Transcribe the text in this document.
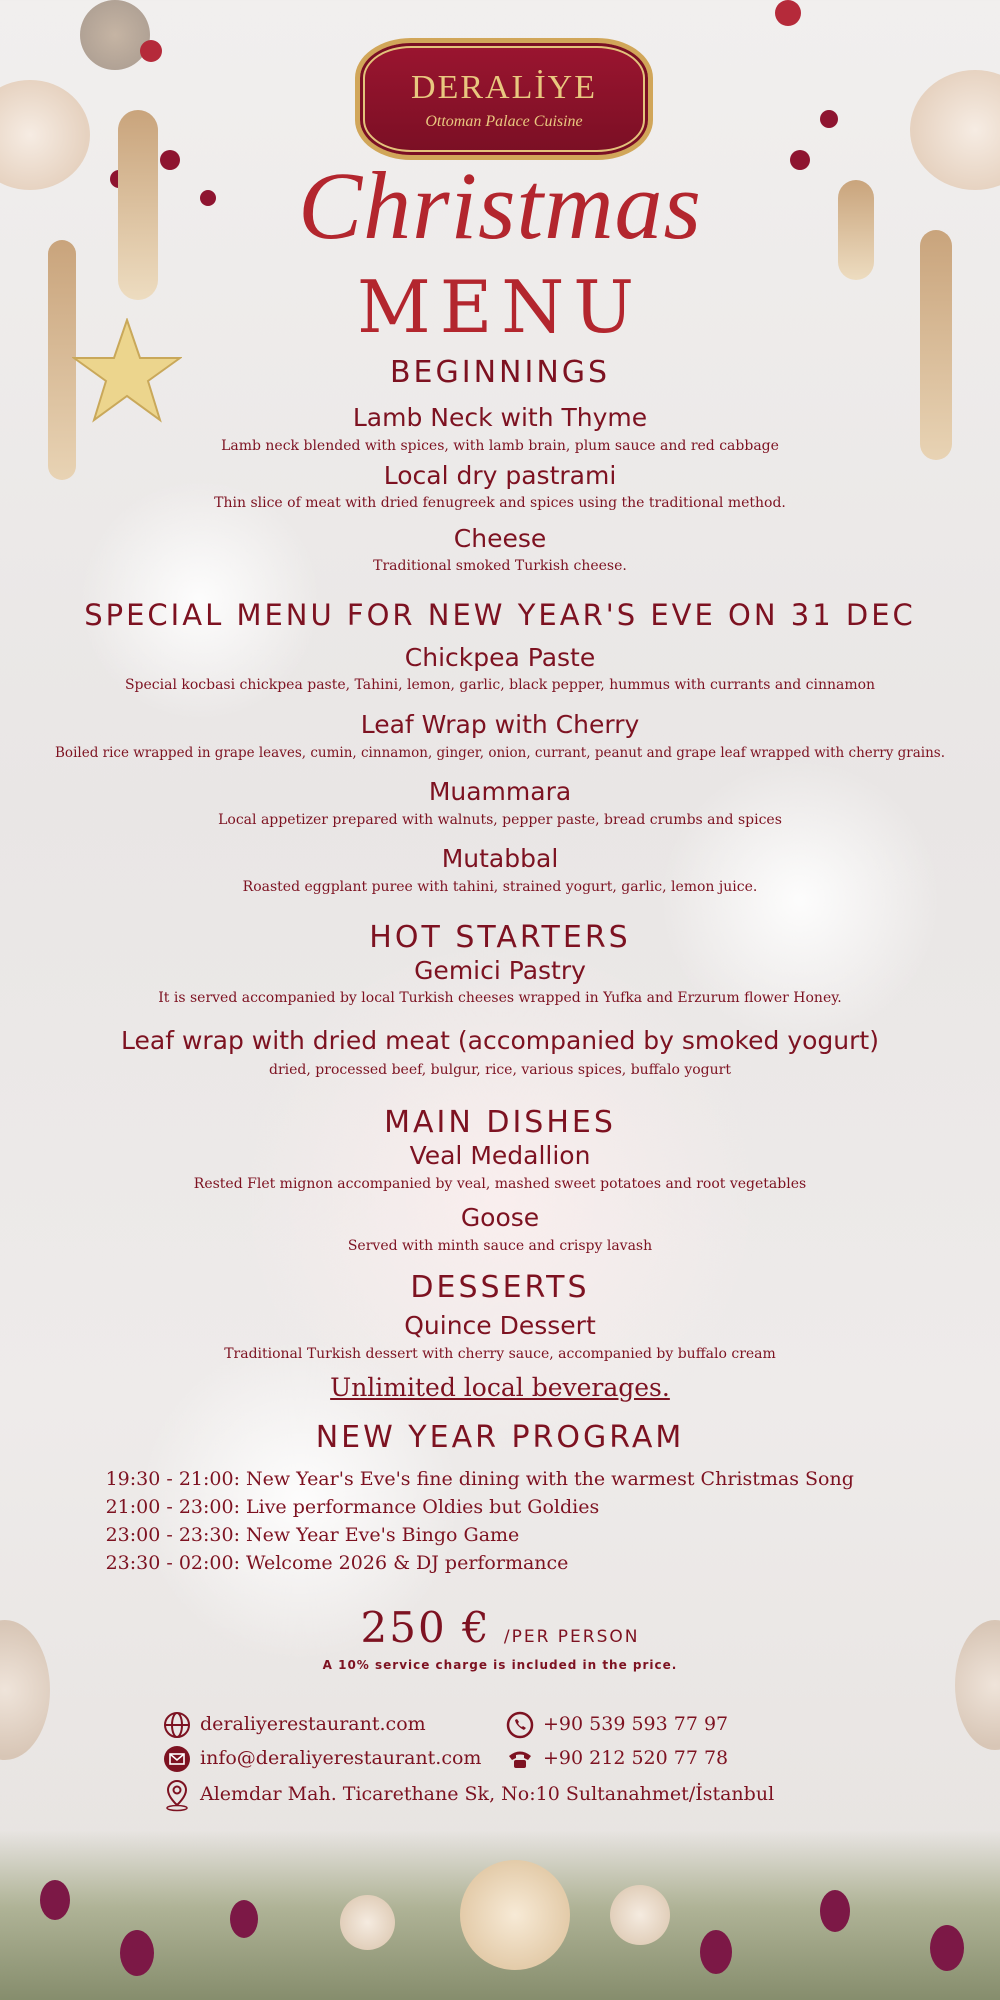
DERALİYE
Ottoman Palace Cuisine
Christmas
MENU
BEGINNINGS
Lamb Neck with Thyme
Lamb neck blended with spices, with lamb brain, plum sauce and red cabbage
Local dry pastrami
Thin slice of meat with dried fenugreek and spices using the traditional method.
Cheese
Traditional smoked Turkish cheese.
SPECIAL MENU FOR NEW YEAR'S EVE ON 31 DEC
Chickpea Paste
Special kocbasi chickpea paste, Tahini, lemon, garlic, black pepper, hummus with currants and cinnamon
Leaf Wrap with Cherry
Boiled rice wrapped in grape leaves, cumin, cinnamon, ginger, onion, currant, peanut and grape leaf wrapped with cherry grains.
Muammara
Local appetizer prepared with walnuts, pepper paste, bread crumbs and spices
Mutabbal
Roasted eggplant puree with tahini, strained yogurt, garlic, lemon juice.
HOT STARTERS
Gemici Pastry
It is served accompanied by local Turkish cheeses wrapped in Yufka and Erzurum flower Honey.
Leaf wrap with dried meat (accompanied by smoked yogurt)
dried, processed beef, bulgur, rice, various spices, buffalo yogurt
MAIN DISHES
Veal Medallion
Rested Flet mignon accompanied by veal, mashed sweet potatoes and root vegetables
Goose
Served with minth sauce and crispy lavash
DESSERTS
Quince Dessert
Traditional Turkish dessert with cherry sauce, accompanied by buffalo cream
Unlimited local beverages.
NEW YEAR PROGRAM
19:30 - 21:00: New Year's Eve's fine dining with the warmest Christmas Song
21:00 - 23:00: Live performance Oldies but Goldies
23:00 - 23:30: New Year Eve's Bingo Game
23:30 - 02:00: Welcome 2026 & DJ performance
250 € /PER PERSON
A 10% service charge is included in the price.
deraliyerestaurant.com	+90 539 593 77 97
info@deraliyerestaurant.com	+90 212 520 77 78
Alemdar Mah. Ticarethane Sk, No:10 Sultanahmet/İstanbul
